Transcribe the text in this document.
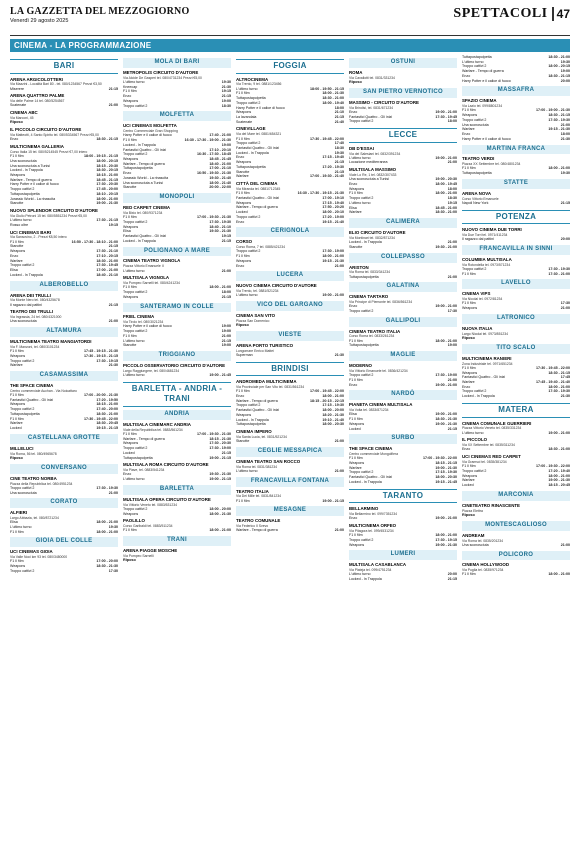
LA GAZZETTA DEL MEZZOGIORNO
Venerdì 29 agosto 2025	SPETTACOLI 47
CINEMA - LA PROGRAMMAZIONE
BARI
ARENA ARGICOLOTTERI
Via Mazzini - Località Bari 80 - tel. 080/1234567 Prezzi €3,50
Miserere	21:15
ARENA QUATTRO PALME
Via delle Palme 14 tel. 080/5254567
Scatenate	21:00
CINEMA ABC
Via Marconi, 45
Riposo
IL PICCOLO CIRCUITO D'AUTORE
Via Matteotti, 4 Santo Spirito tel. 080/5334567 Prezzi €5,00
Enzo	18:30 - 21:15
MULTICINEMA GALLERIA
Corso Italia 15 tel. 080/5214545 Prezzi €7,00 intero
F1 Il film	18:00 - 19:15 - 21:15
Una sconosciuta	18:00 - 20:15
Una sconosciuta a Tunisi	18:15 - 20:30
Locked - In Trappola	18:30 - 20:15
Weapons	18:15 - 21:00
Warfare - Tempo di guerra	18:45 - 21:15
Harry Potter e il calice di fuoco	17:30 - 20:30
Troppo cattivi 2	17:45 - 20:00
Tuttapostapolpetta	18:10 - 20:15
Jurassic World - La rinascita	18:00 - 21:00
Stanotte	19:00 - 21:30
NUOVO SPLENDOR CIRCUITO D'AUTORE
Via Giulio Petroni 15 tel. 080/5551234 Prezzi €5,00
L'ultimo turno	17:30 - 21:15
Rosso oltre	19:15
UCI CINEMAS BARI
Via Sansovino, 2 - Prezzi €8,50 intero
F1 Il film	16:50 - 17:30 - 18:10 - 21:00
Stanotte	21:15
Weapons	17:30 - 21:10
Enzo	17:10 - 20:15
Warfare	18:30 - 21:00
Troppo cattivi 2	17:30 - 19:45
Elisa	17:00 - 21:00
Locked - In Trappola	18:40 - 21:10
ALBEROBELLO
ARENA DEI TRULLI
Via Monte Nero tel. 080/4325678
Il ragazzo dai pattini	21:15
TEATRO DEI TRULLI
Via Ingrassia, 24 tel. 080/4321000
Una sconosciuta	21:00
ALTAMURA
MULTICINEMA TEATRO MANGIATORDI
Via F. Manzoni, tel. 080/3101234
F1 Il film	17:45 - 19:15 - 21:30
Weapons	17:30 - 19:15 - 21:15
Troppo cattivi 2	17:30 - 19:15
Warfare	21:30
CASAMASSIMA
THE SPACE CINEMA
Centro commerciale Auchan - Via Noicattaro
F1 Il film	17:00 - 20:00 - 21:30
Fantastici Quattro - Gli inizi	17:20 - 19:50
Weapons	18:15 - 21:00
Troppo cattivi 2	17:40 - 20:00
Tuttapostapolpetta	18:30 - 21:00
F1 Il film	17:30 - 19:45 - 22:00
Warfare	18:30 - 20:45
Locked	19:15 - 21:15
CASTELLANA GROTTE
MILLELUCI
Via Roma, 56 tel. 080/4965678
Riposo
CONVERSANO
CINE TEATRO NORBA
Piazza della Repubblica tel. 080/4951234
Troppo cattivi 2	17:30 - 19:30
Una sconosciuta	21:00
CORATO
ALFIERI
Largo Abbazia, tel. 080/8721234
Elisa	18:00 - 21:00
L'ultimo turno	19:30
F1 Il film	18:00 - 21:00
GIOIA DEL COLLE
UCI CINEMAS GIOIA
Via Valle Noci km 93 tel. 080/3480000
F1 Il film	17:00 - 20:00
Weapons	18:30 - 21:30
Troppo cattivi 2	17:30
MOLA DI BARI
METROPOLIS CIRCUITO D'AUTORE
Via Alcide De Gasperi tel. 080/4731234 Prezzi €5,00
L'ultimo turno	19:30
Kneecap	21:30
F1 Il film	19:15
Enzo	21:15
Weapons	19:00
Troppo cattivi 2	18:30
MOLFETTA
UCI CINEMAS MOLFETTA
Centro Commerciale Gran Shopping
Harry Potter e il calice di fuoco	17:40 - 21:00
F1 Il film	16:30 - 17:30 - 19:00 - 21:30
Locked - In Trappola	19:00
Fantastici Quattro - Gli inizi	17:10 - 20:10
Troppo cattivi 2	16:30 - 17:30 - 18:45
Weapons	18:45 - 21:45
Warfare - Tempo di guerra	18:40 - 21:00
Tuttapostapolpetta	17:00 - 21:10
Enzo	16:50 - 19:30 - 21:30
Jurassic World - La rinascita	19:30 - 21:40
Una sconosciuta a Tunisi	18:00 - 21:40
Stanotte	20:00 - 22:00
MONOPOLI
RED CARPET CINEMA
Via Bixio tel. 080/9371234
F1 Il film	17:00 - 19:30 - 21:30
Troppo cattivi 2	17:30 - 19:30
Weapons	18:40 - 21:10
Elisa	19:30 - 21:30
Fantastici Quattro - Gli inizi	19:15
Locked - In Trappola	21:15
POLIGNANO A MARE
CINEMA TEATRO VIGNOLA
Piazza Vittorio Emanuele II
L'ultimo turno	21:00
MULTISALA VIGNOLA
Via Pompeo Sarnelli tel. 080/4241234
F1 Il film	18:00 - 21:00
Troppo cattivi 2	18:00
Weapons	21:15
SANTERAMO IN COLLE
FRIEL CINEMA
Via Tirolo tel. 080/3021234
Harry Potter e il calice di fuoco	19:00
Troppo cattivi 2	19:00
F1 Il film	21:00
L'ultimo turno	21:15
Stanotte	19:00
TRIGGIANO
PICCOLO OSSERVATORIO CIRCUITO D'AUTORE
Largo Raggiungere, tel. 080/4681234
L'ultimo turno	19:00 - 21:45
BARLETTA - ANDRIA - TRANI
ANDRIA
MULTISALA CINEMARC ANDRIA
Viale della Repubblica tel. 0883/561234
F1 Il film	17:00 - 19:30 - 21:30
Warfare - Tempo di guerra	18:15 - 21:30
Weapons	17:30 - 20:30
Troppo cattivi 2	17:30 - 19:00
Locked	21:15
Tuttapostapolpetta	19:00 - 21:15
MULTISALA ROMA CIRCUITO D'AUTORE
Via Piave, tel. 0883/541234
Enzo	19:30 - 21:30
L'ultimo turno	19:00 - 21:15
BARLETTA
MULTISALA OPERA CIRCUITO D'AUTORE
Via Vittorio Veneto tel. 0883/531234
Troppo cattivi 2	18:00 - 20:00
Weapons	18:00 - 21:30
PAOLILLO
Corso Garibaldi tel. 0883/511234
F1 Il film	18:00 - 21:00
TRANI
ARENA PIAGGE MOSCHE
Via Pompeo Sarnelli
Riposo
FOGGIA
ALTROCINEMA
Via Trento, 9 tel. 0881/123456
L'ultimo turno	18:00 - 19:50 - 21:15
F1 Il film	18:00 - 21:30
Tuttapostapolpetta	18:30 - 21:00
Troppo cattivi 2	18:00 - 19:40
Harry Potter e il calice di fuoco	18:00
Weapons	21:10
La lavandaia	21:15
Scatenate	21:40
CINEVILLAGE
Via del Mare tel. 0881/654321
F1 Il film	17:30 - 19:45 - 22:00
Troppo cattivi 2	17:40
Fantastici Quattro - Gli inizi	18:30
Locked - In Trappola	19:30
Enzo	17:15 - 19:40
Weapons	21:15
Tuttapostapolpetta	17:20 - 19:30
Stanotte	21:15
Warfare	17:00 - 19:30 - 21:40
CITTÀ DEL CINEMA
Via Miranda tel. 0881/712345
F1 Il film	16:30 - 17:30 - 19:15 - 21:30
Fantastici Quattro - Gli inizi	17:00 - 19:10
Weapons	17:15 - 19:40
Warfare - Tempo di guerra	17:50 - 20:20
Locked	18:00 - 20:10
Troppo cattivi 2	17:20 - 19:00
Enzo	19:15 - 21:40
CERIGNOLA
CORSO
Corso Roma, 7 tel. 0885/421234
Troppo cattivi 2	17:30 - 19:00
F1 Il film	18:00 - 21:00
Weapons	19:15 - 21:30
Enzo	21:00
LUCERA
NUOVO CINEMA CIRCUITO D'AUTORE
Via Trento, tel. 0881/521234
L'ultimo turno	19:00 - 21:00
VICO DEL GARGANO
CINEMA SAN VITO
Piazza San Domenico
Riposo
VIESTE
ARENA PORTO TURISTICO
Lungomare Enrico Mattei
Superman	21:30
BRINDISI
ANDROMEDA MULTICINEMA
Via Provinciale per San Vito tel. 0831/561234
F1 Il film	17:00 - 19:45 - 22:00
Enzo	18:00 - 21:00
Warfare - Tempo di guerra	18:15 - 20:15 - 22:15
Troppo cattivi 2	17:15 - 19:30
Fantastici Quattro - Gli inizi	18:00 - 20:00
Weapons	18:20 - 21:30
Locked - In Trappola	19:10 - 21:40
Tuttapostapolpetta	18:00 - 20:30
CINEMA IMPERO
Via Santa Lucia, tel. 0831/521234
Stanotte	21:00
CEGLIE MESSAPICA
CINEMA TEATRO SAN ROCCO
Via Roma tel. 0831/381234
L'ultimo turno	21:00
FRANCAVILLA FONTANA
TEATRO ITALIA
Via Dei Mille tel. 0831/841234
F1 Il film	19:00 - 21:15
MESAGNE
TEATRO COMUNALE
Via Federico II Svevo
Warfare - Tempo di guerra	21:00
OSTUNI
ROMA
Via Cavallotti tel. 0831/331234
Riposo
SAN PIETRO VERNOTICO
MASSIMO - CIRCUITO D'AUTORE
Via Brindisi, tel. 0831/671234
Enzo	19:00 - 21:00
Fantastici Quattro - Gli inizi	17:30 - 19:45
Troppo cattivi 2	18:00
LECCE
DB D'ESSAI
Via dei Salesiani tel. 0832/391234
L'ultimo turno	19:00 - 21:00
Locazione mediterranea	21:00
MULTISALA MASSIMO
Viale Lo Re, 1 tel. 0832/307433
Una sconosciuta a Tunisi	19:00 - 20:30
Enzo	18:00 - 19:45
Weapons	18:00
F1 Il film	18:00 - 21:00
Troppo cattivi 2	18:30
L'ultimo turno	19:15
Elisa	18:45 - 21:00
Warfare	18:30 - 21:00
CALIMERA
ELIO CIRCUITO D'AUTORE
Via Montinari tel. 0832/871234
Locked - In Trappola	21:00
Stanotte	19:30 - 21:00
COLLEPASSO
ARISTON
Via Roma tel. 0833/341234
Tuttapostapolpetta	21:00
GALATINA
CINEMA TARTARO
Via Principe di Piemonte tel. 0836/561234
Enzo	19:00 - 21:00
Troppo cattivi 2	17:30
GALLIPOLI
CINEMA TEATRO ITALIA
Corso Roma tel. 0833/261234
F1 Il film	18:00 - 21:00
Tuttapostapolpetta	19:00
MAGLIE
MODERNO
Via Vittorio Emanuele tel. 0836/421234
Troppo cattivi 2	17:30 - 19:00
F1 Il film	21:00
Enzo	19:00 - 21:00
NARDÒ
PIANETA CINEMA MULTISALA
Via Volta tel. 0833/871234
Elisa	19:00 - 21:00
F1 Il film	18:30 - 21:30
Weapons	19:00 - 21:30
Locked	21:15
SURBO
THE SPACE CINEMA
Centro commerciale Mongolfiera
F1 Il film	17:00 - 19:30 - 22:00
Weapons	18:15 - 21:15
Warfare	19:00 - 21:30
Troppo cattivi 2	17:15 - 19:30
Fantastici Quattro - Gli inizi	18:00 - 20:30
Locked - In Trappola	19:15 - 21:45
TARANTO
BELLARMINO
Via Bellarmino tel. 099/7351234
Enzo	19:00 - 21:00
MULTICINEMA ORFEO
Via Pitagora tel. 099/4531234
F1 Il film	18:00 - 21:00
Troppo cattivi 2	17:30 - 19:15
Weapons	19:00 - 21:30
LUMERI
MULTISALA CASABLANCA
Via Plateja tel. 099/4751234
L'ultimo turno	20:00
Locked - In Trappola	21:15
Tuttapostapolpetta	18:30 - 21:00
L'ultimo turno	19:30
Troppo cattivi 2	18:00 - 20:15
Warfare - Tempo di guerra	19:00
Enzo	18:30 - 21:15
Harry Potter e il calice di fuoco	20:00
MASSAFRA
SPAZIO CINEMA
Via Lazio tel. 099/8801234
F1 Il film	17:00 - 19:00 - 21:30
Weapons	18:30 - 21:15
Troppo cattivi 2	17:30 - 19:30
Una sconosciuta	21:00
Warfare	19:15 - 21:30
Enzo	18:00
Harry Potter e il calice di fuoco	21:30
MARTINA FRANCA
TEATRO VERDI
Piazza XX Settembre tel. 080/4801234
F1 Il film	18:00 - 21:00
Tuttapostapolpetta	19:30
STATTE
ARENA NOVA
Corso Vittorio Emanuele
Napoli New York	21:15
POTENZA
NUOVO CINEMA DUE TORRI
Via Due Torri tel. 0971/411234
Il ragazzo dai pattini	20:00
FRANCAVILLA IN SINNI
COLUMBIA MULTISALA
Via Rotondella tel. 0973/571234
Troppo cattivi 2	17:30 - 19:30
F1 Il film	17:30 - 21:00
LAVELLO
CINEMA VIPS
Via Nicolai tel. 0972/81234
F1 Il film	17:30
Weapons	21:00
LATRONICO
NUOVA ITALIA
Largo Nicolai tel. 0973/851234
Riposo
TITO SCALO
MULTICINEMA RANIERI
Zona Industriale tel. 0971/651234
F1 Il film	17:30 - 19:45 - 22:00
Weapons	18:30 - 21:15
Fantastici Quattro - Gli inizi	17:45
Warfare	17:45 - 19:40 - 21:40
Enzo	18:00 - 21:00
Troppo cattivi 2	17:30 - 19:30
Locked - In Trappola	21:30
MATERA
CINEMA COMUNALE GUERRIERI
Piazza Vittorio Veneto tel. 0835/331234
L'ultimo turno	19:00 - 21:00
IL PICCOLO
Via XX Settembre tel. 0835/311234
Enzo	18:30 - 21:00
UCI CINEMAS RED CARPET
Via Gramsci tel. 0835/381234
F1 Il film	17:00 - 19:30 - 22:00
Troppo cattivi 2	17:20 - 19:40
Weapons	18:00 - 21:00
Warfare	19:00 - 21:30
Locked	18:15 - 20:45
MARCONIA
CINETEATRO RINASCENTE
Piazza Elettra
Riposo
MONTESCAGLIOSO
ANDREAM
Via Roma tel. 0835/201234
Una sconosciuta	21:00
POLICORO
CINEMA HOLLYWOOD
Via Puglia tel. 0835/971234
F1 Il film	18:00 - 21:00
